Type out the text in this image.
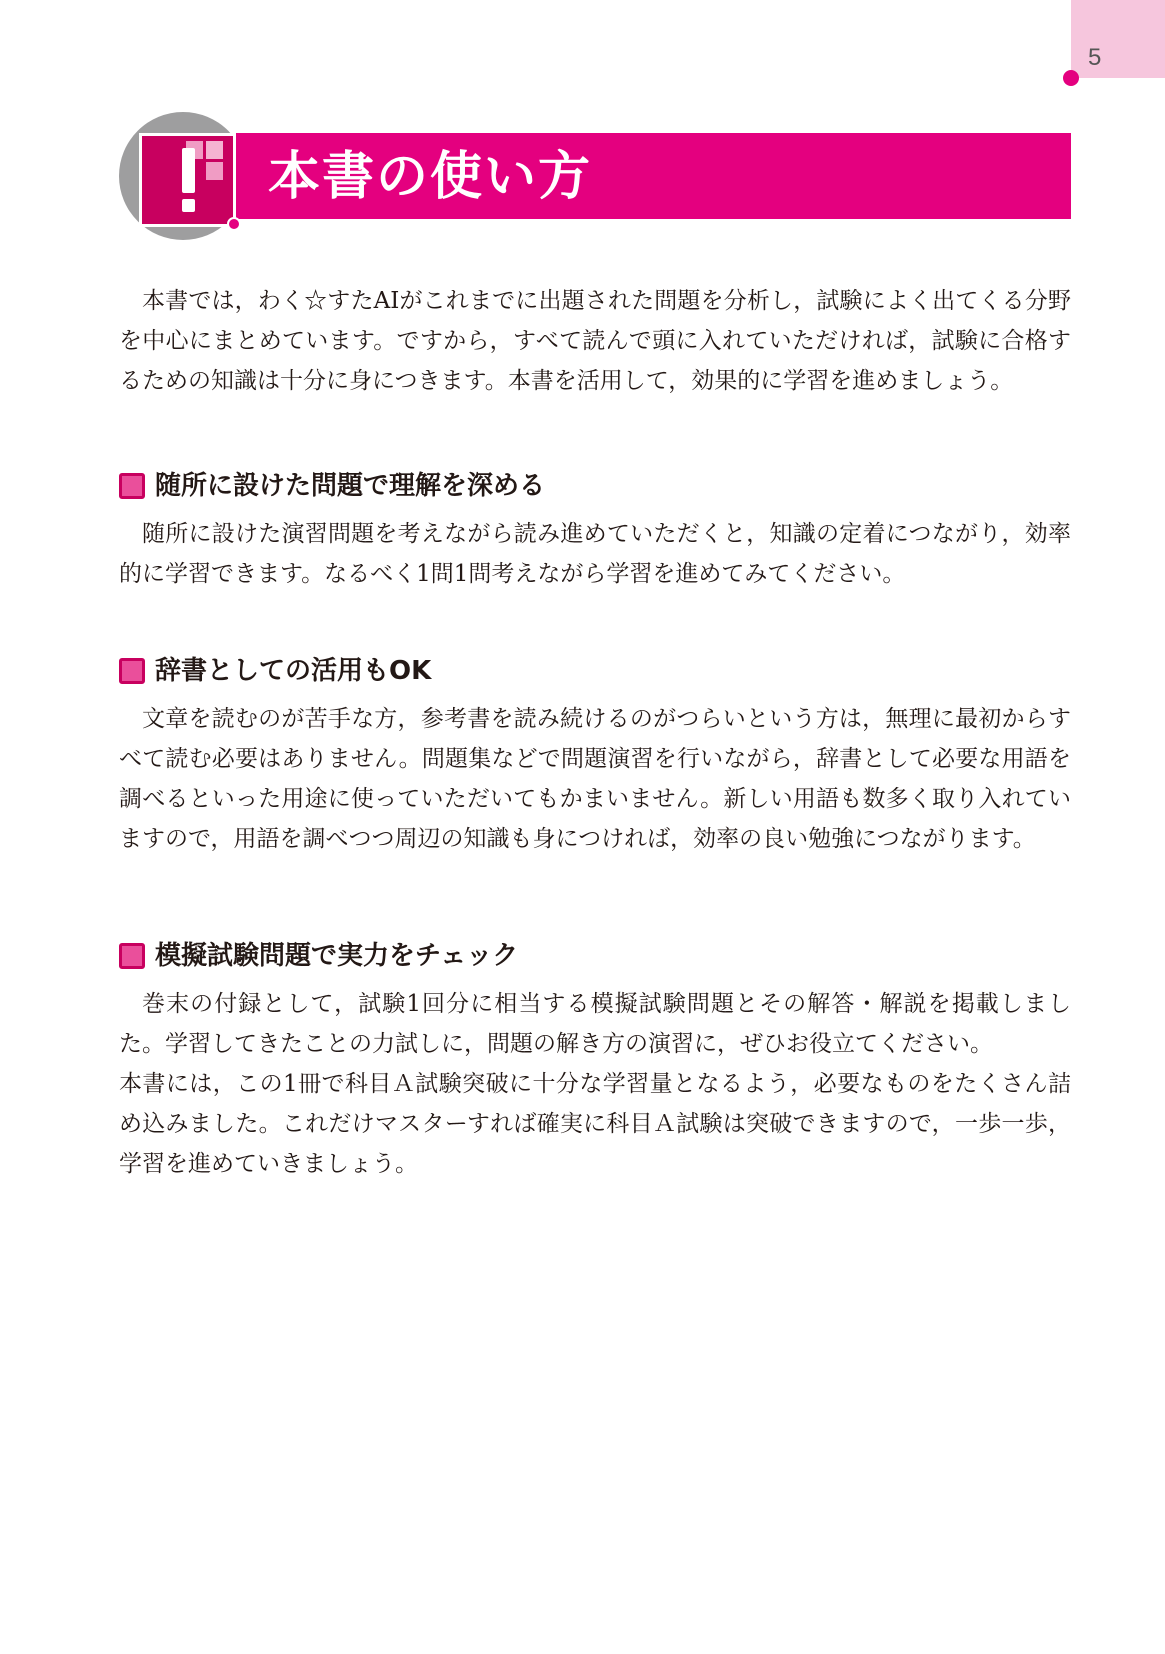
5
本書の使い方

本書では，わく☆すたAIがこれまでに出題された問題を分析し，試験によく出てくる分野を中心にまとめています。ですから，すべて読んで頭に入れていただければ，試験に合格するための知識は十分に身につきます。本書を活用して，効果的に学習を進めましょう。

随所に設けた問題で理解を深める

随所に設けた演習問題を考えながら読み進めていただくと，知識の定着につながり，効率的に学習できます。なるべく1問1問考えながら学習を進めてみてください。

辞書としての活用もOK

文章を読むのが苦手な方，参考書を読み続けるのがつらいという方は，無理に最初からすべて読む必要はありません。問題集などで問題演習を行いながら，辞書として必要な用語を調べるといった用途に使っていただいてもかまいません。新しい用語も数多く取り入れていますので，用語を調べつつ周辺の知識も身につければ，効率の良い勉強につながります。

模擬試験問題で実力をチェック

巻末の付録として，試験1回分に相当する模擬試験問題とその解答・解説を掲載しました。学習してきたことの力試しに，問題の解き方の演習に，ぜひお役立てください。

本書には，この1冊で科目Ａ試験突破に十分な学習量となるよう，必要なものをたくさん詰め込みました。これだけマスターすれば確実に科目Ａ試験は突破できますので，一歩一歩，学習を進めていきましょう。
